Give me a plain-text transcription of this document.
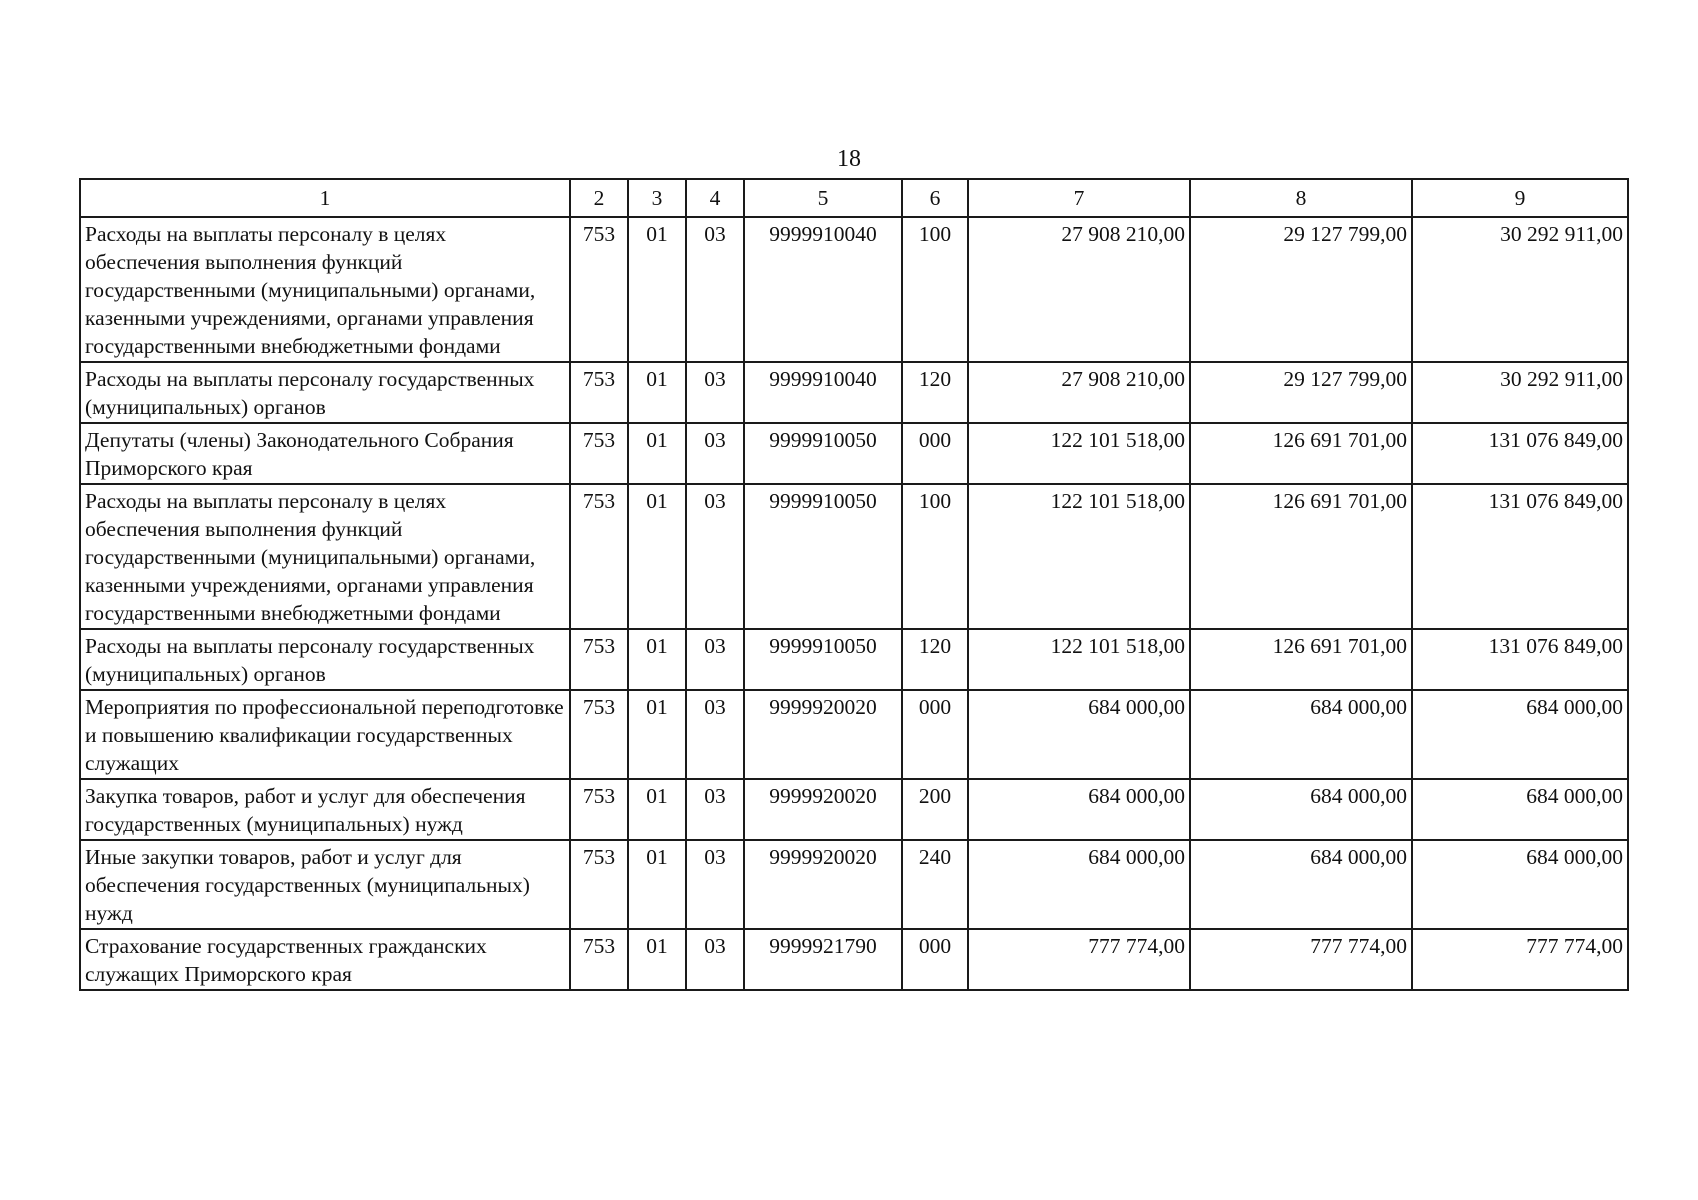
18
1	2	3	4	5	6	7	8	9
Расходы на выплаты персоналу в целях обеспечения выполнения функций государственными (муниципальными) органами, казенными учреждениями, органами управления государственными внебюджетными фондами	753	01	03	9999910040	100	27 908 210,00	29 127 799,00	30 292 911,00
Расходы на выплаты персоналу государственных (муниципальных) органов	753	01	03	9999910040	120	27 908 210,00	29 127 799,00	30 292 911,00
Депутаты (члены) Законодательного Собрания Приморского края	753	01	03	9999910050	000	122 101 518,00	126 691 701,00	131 076 849,00
Расходы на выплаты персоналу в целях обеспечения выполнения функций государственными (муниципальными) органами, казенными учреждениями, органами управления государственными внебюджетными фондами	753	01	03	9999910050	100	122 101 518,00	126 691 701,00	131 076 849,00
Расходы на выплаты персоналу государственных (муниципальных) органов	753	01	03	9999910050	120	122 101 518,00	126 691 701,00	131 076 849,00
Мероприятия по профессиональной переподготовке и повышению квалификации государственных служащих	753	01	03	9999920020	000	684 000,00	684 000,00	684 000,00
Закупка товаров, работ и услуг для обеспечения государственных (муниципальных) нужд	753	01	03	9999920020	200	684 000,00	684 000,00	684 000,00
Иные закупки товаров, работ и услуг для обеспечения государственных (муниципальных) нужд	753	01	03	9999920020	240	684 000,00	684 000,00	684 000,00
Страхование государственных гражданских служащих Приморского края	753	01	03	9999921790	000	777 774,00	777 774,00	777 774,00
